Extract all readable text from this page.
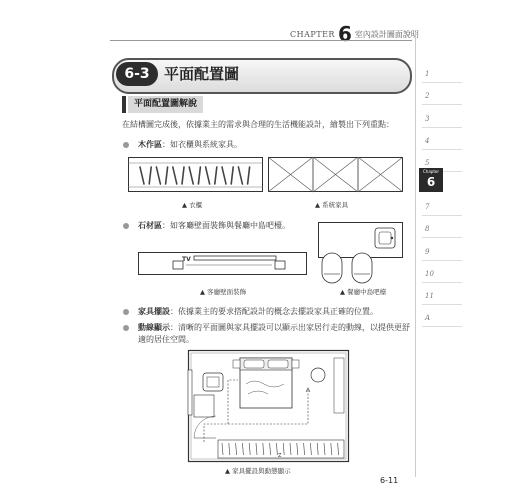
CHAPTER 6 室內設計圖面說明
1
2
3
4
5
7
8
9
10
11
A
Chapter
6
6-3 平面配置圖
平面配置圖解說
在結構圖完成後，依據業主的需求與合理的生活機能設計，繪製出下列重點：
木作區：如衣櫃與系統家具。
▲ 衣櫃	▲ 系統家具
石材區：如客廳壁面裝飾與餐廳中島吧檯。
TV
▲ 客廳壁面裝飾	▲ 餐廳中島吧檯
家具擺設：依據業主的要求搭配設計的概念去擺設家具正確的位置。
動線顯示：清晰的平面圖與家具擺設可以顯示出家居行走的動線，以提供更舒
適的居住空間。
Z
▲ 家具擺設與動態顯示
6-11
